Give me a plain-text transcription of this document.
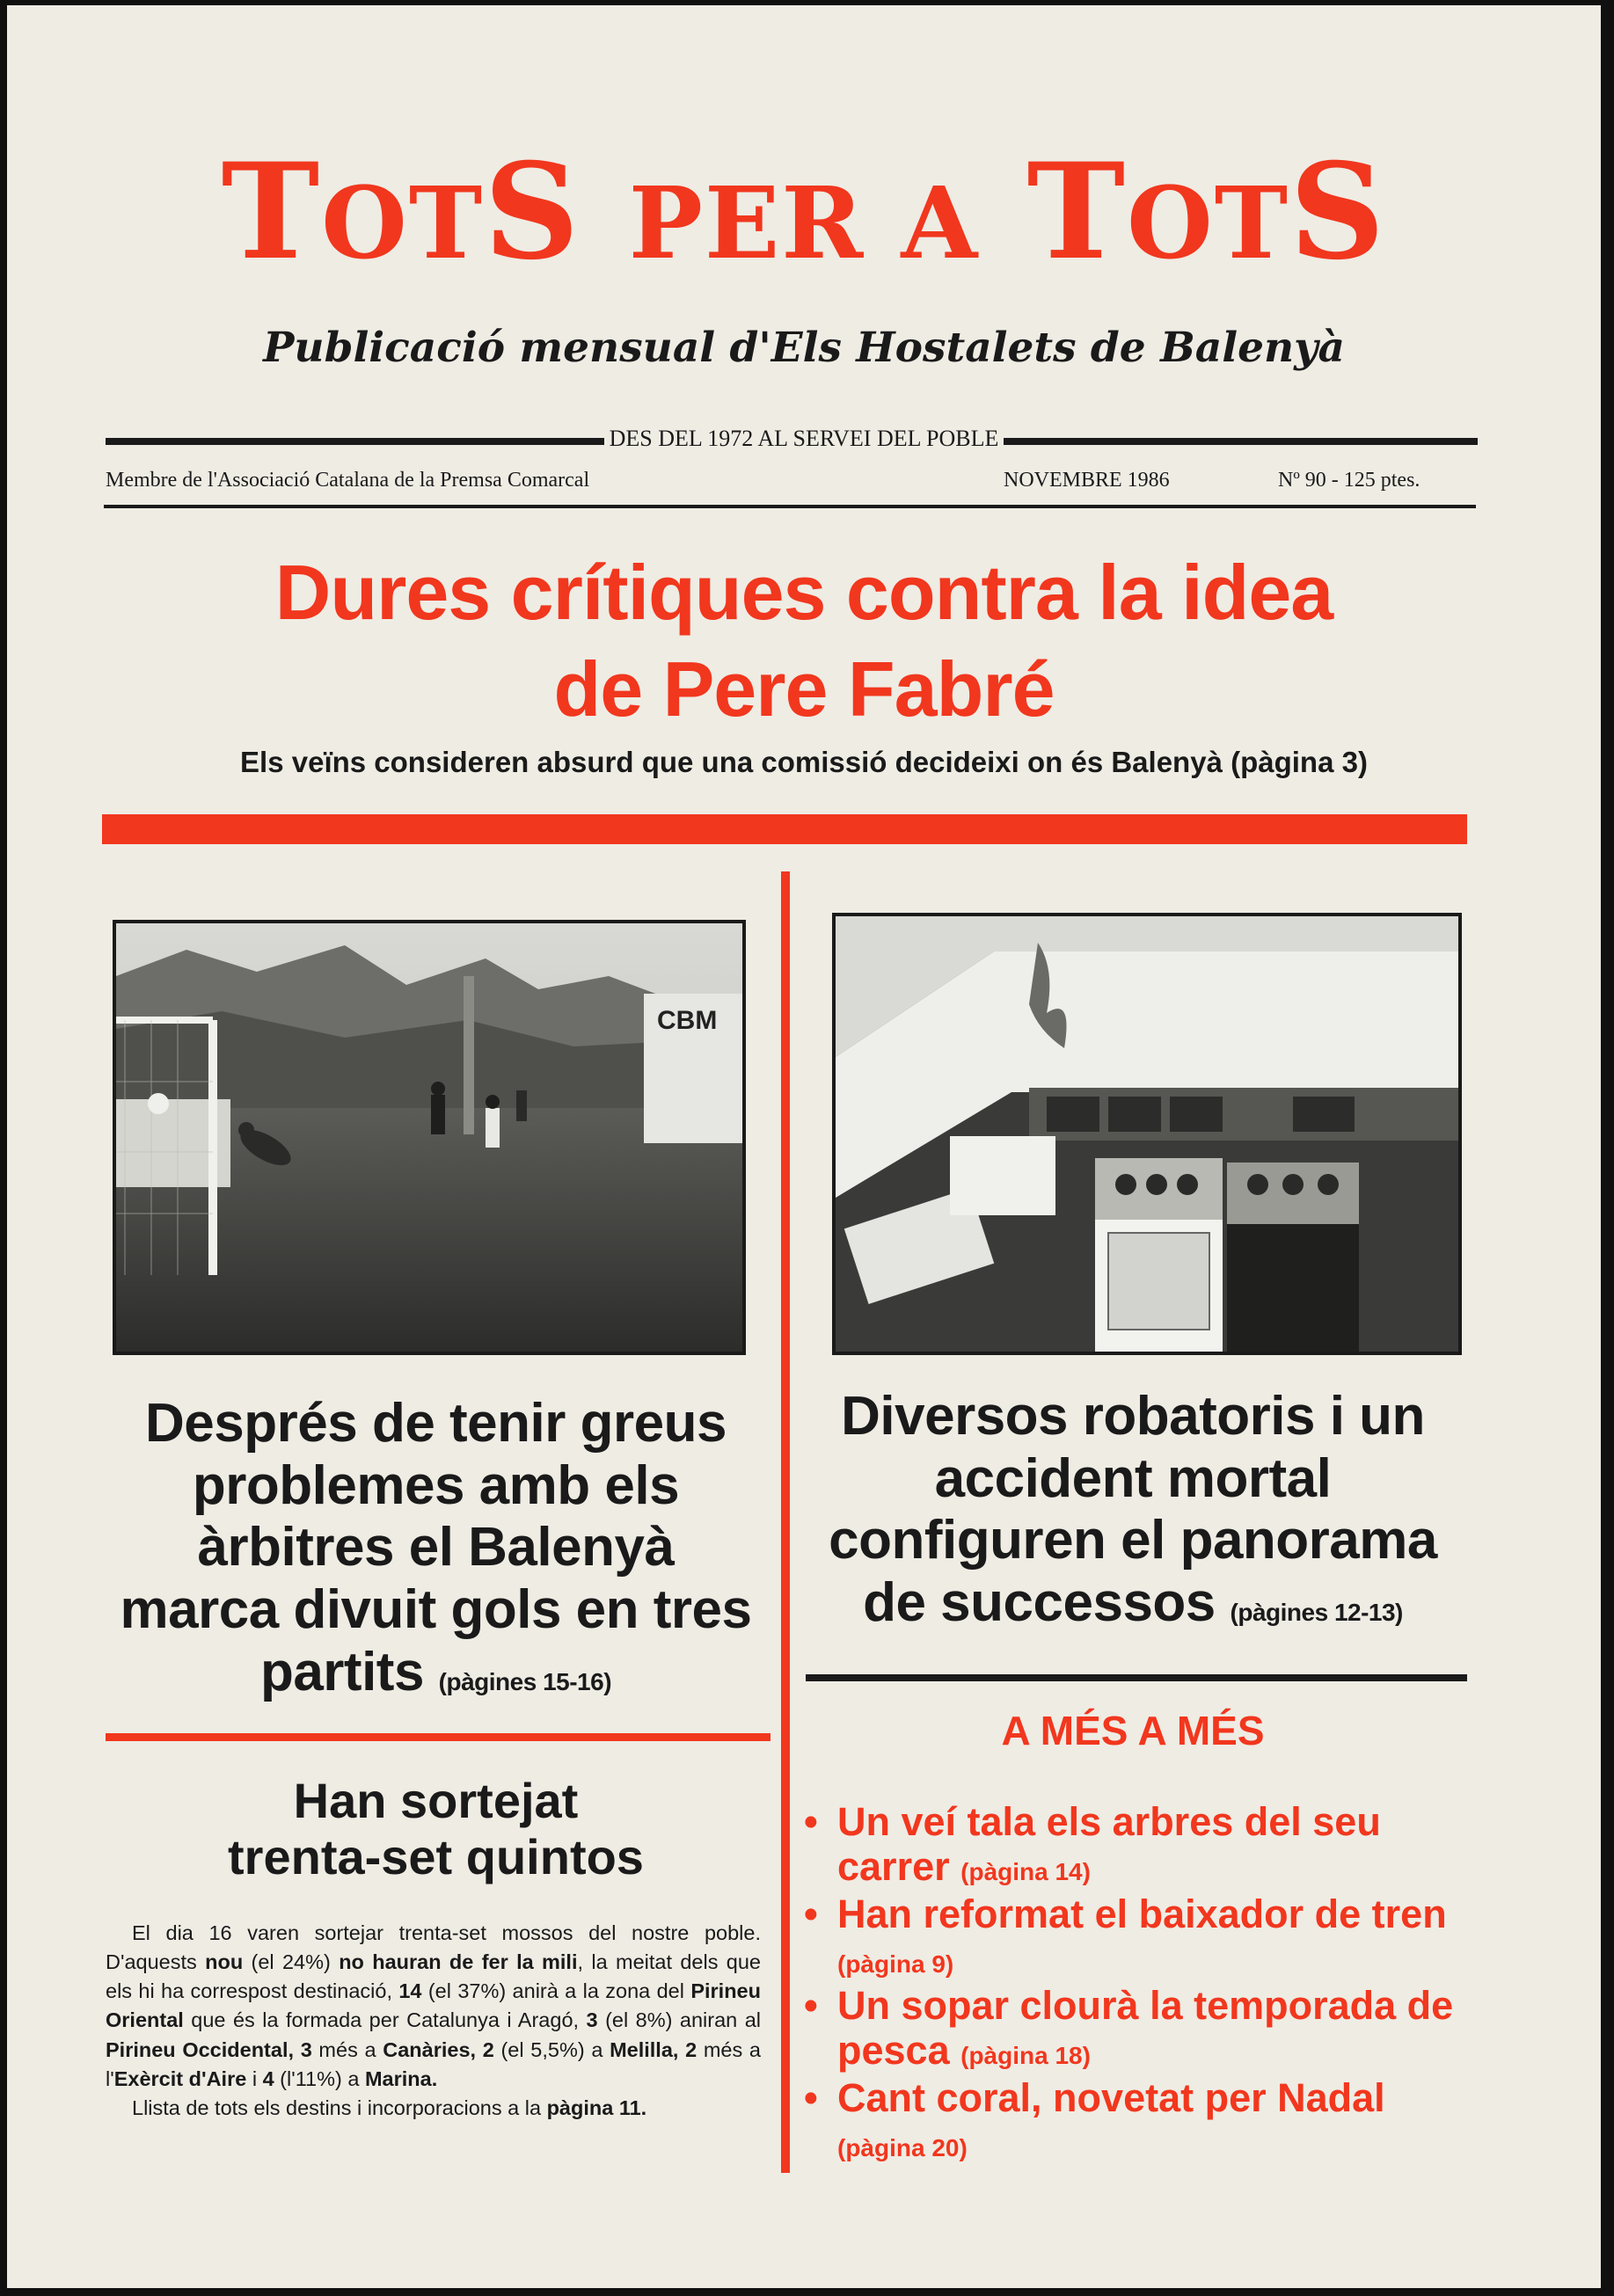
TOTS PER A TOTS
Publicació mensual d'Els Hostalets de Balenyà
DES DEL 1972 AL SERVEI DEL POBLE
Membre de l'Associació Catalana de la Premsa Comarcal	NOVEMBRE 1986	Nº 90 - 125 ptes.
Dures crítiques contra la idea
de Pere Fabré
Els veïns consideren absurd que una comissió decideixi on és Balenyà (pàgina 3)
CBM
Després de tenir greus
problemes amb els
àrbitres el Balenyà
marca divuit gols en tres
partits (pàgines 15-16)
Diversos robatoris i un
accident mortal
configuren el panorama
de successos (pàgines 12-13)
Han sortejat
trenta-set quintos

El dia 16 varen sortejar trenta-set mossos del nostre poble. D'aquests nou (el 24%) no hauran de fer la mili, la meitat dels que els hi ha correspost destinació, 14 (el 37%) anirà a la zona del Pirineu Oriental que és la formada per Catalunya i Aragó, 3 (el 8%) aniran al Pirineu Occidental, 3 més a Canàries, 2 (el 5,5%) a Melilla, 2 més a l'Exèrcit d'Aire i 4 (l'11%) a Marina.

Llista de tots els destins i incorporacions a la pàgina 11.

A MÉS A MÉS
• Un veí tala els arbres del seu carrer (pàgina 14)
• Han reformat el baixador de tren (pàgina 9)
• Un sopar clourà la temporada de pesca (pàgina 18)
• Cant coral, novetat per Nadal (pàgina 20)
